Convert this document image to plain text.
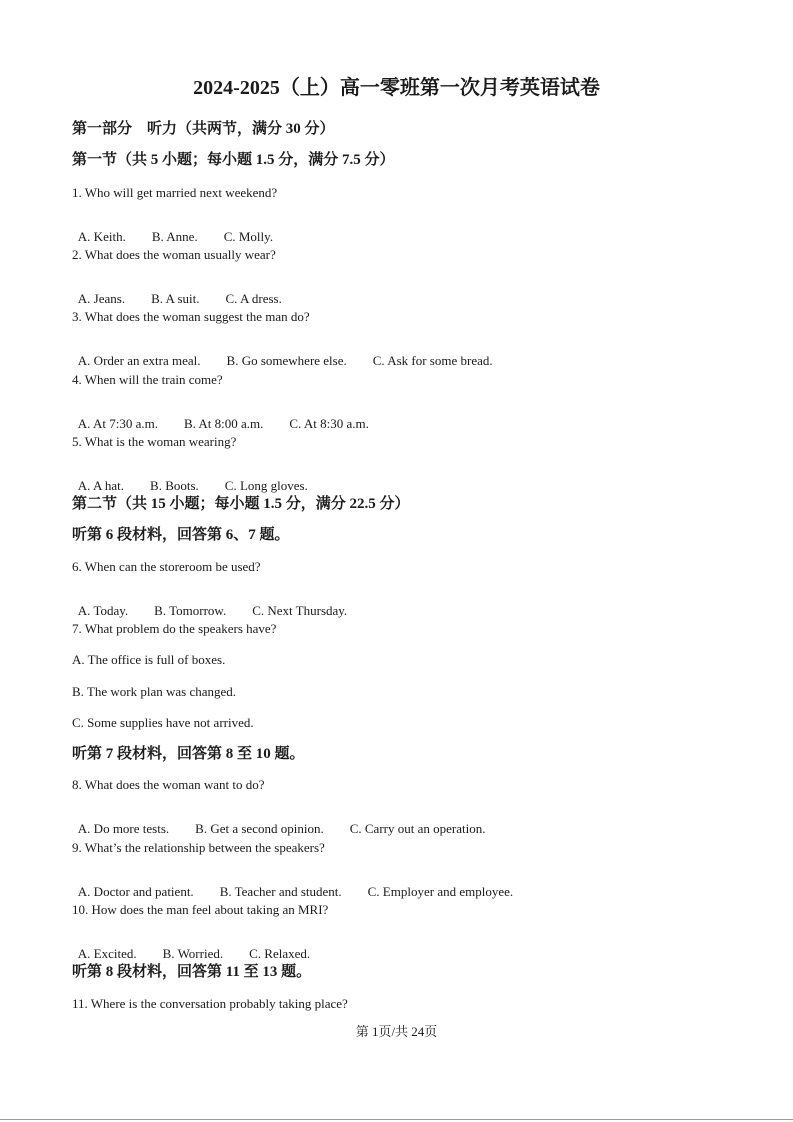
2024-2025（上）高一零班第一次月考英语试卷
第一部分　听力（共两节，满分 30 分）
第一节（共 5 小题；每小题 1.5 分，满分 7.5 分）
1. Who will get married next weekend?

A. Keith. B. Anne. C. Molly.

2. What does the woman usually wear?

A. Jeans. B. A suit. C. A dress.

3. What does the woman suggest the man do?

A. Order an extra meal. B. Go somewhere else. C. Ask for some bread.

4. When will the train come?

A. At 7:30 a.m. B. At 8:00 a.m. C. At 8:30 a.m.

5. What is the woman wearing?

A. A hat. B. Boots. C. Long gloves.

第二节（共 15 小题；每小题 1.5 分，满分 22.5 分）
听第 6 段材料，回答第 6、7 题。
6. When can the storeroom be used?

A. Today. B. Tomorrow. C. Next Thursday.

7. What problem do the speakers have?
A. The office is full of boxes.
B. The work plan was changed.
C. Some supplies have not arrived.
听第 7 段材料，回答第 8 至 10 题。
8. What does the woman want to do?

A. Do more tests. B. Get a second opinion. C. Carry out an operation.

9. What’s the relationship between the speakers?

A. Doctor and patient. B. Teacher and student. C. Employer and employee.

10. How does the man feel about taking an MRI?

A. Excited. B. Worried. C. Relaxed.

听第 8 段材料，回答第 11 至 13 题。
11. Where is the conversation probably taking place?
第 1页/共 24页
